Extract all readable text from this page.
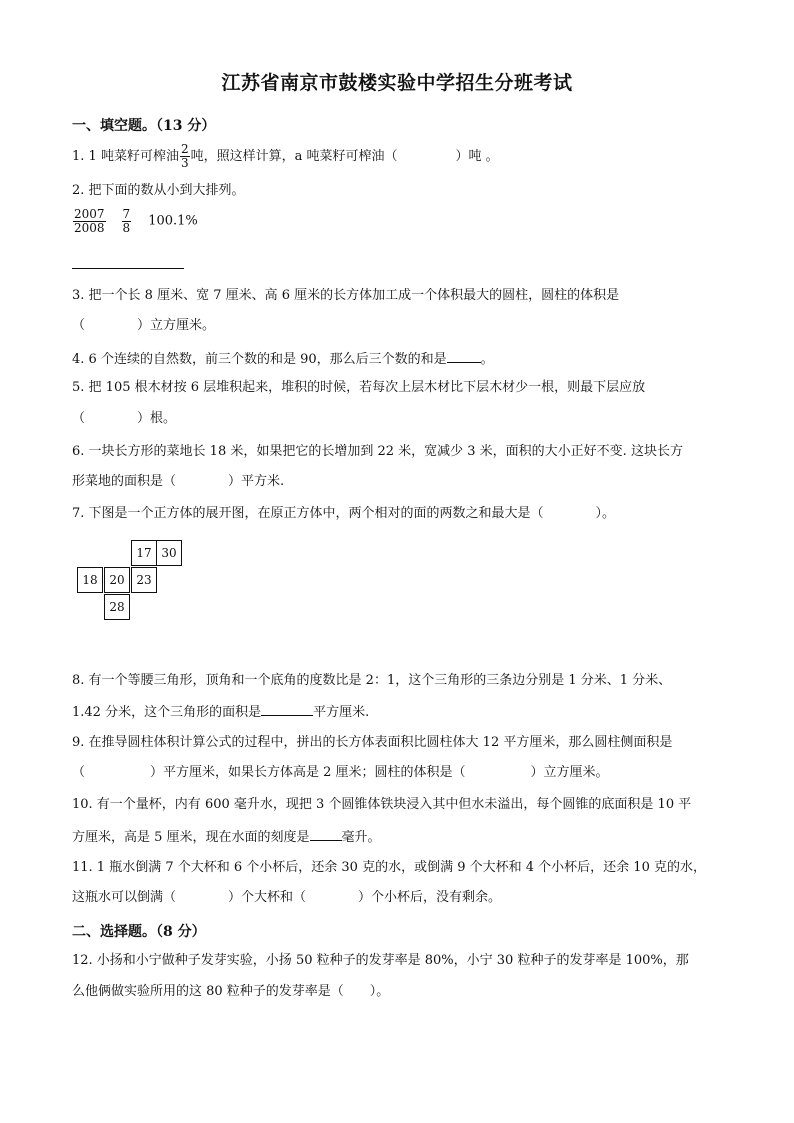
江苏省南京市鼓楼实验中学招生分班考试
一、填空题。（13 分）
1. 1 吨菜籽可榨油 $\frac{2}{3}$ 吨，照这样计算，a 吨菜籽可榨油（	）吨 。
2. 把下面的数从小到大排列。
$\frac{2007}{2008} \frac{7}{8} 100.1\%$
3. 把一个长 8 厘米、宽 7 厘米、高 6 厘米的长方体加工成一个体积最大的圆柱，圆柱的体积是
（　　　　）立方厘米。
4. 6 个连续的自然数，前三个数的和是 90，那么后三个数的和是	。
5. 把 105 根木材按 6 层堆积起来，堆积的时候，若每次上层木材比下层木材少一根，则最下层应放
（　　　　）根。
6. 一块长方形的菜地长 18 米，如果把它的长增加到 22 米，宽减少 3 米，面积的大小正好不变. 这块长方
形菜地的面积是（　　　　）平方米.
7. 下图是一个正方体的展开图，在原正方体中，两个相对的面的两数之和最大是（　　　　）。
17 30
18 20 23
28
8. 有一个等腰三角形，顶角和一个底角的度数比是 2：1，这个三角形的三条边分别是 1 分米、1 分米、
1.42 分米，这个三角形的面积是	平方厘米.
9. 在推导圆柱体积计算公式的过程中，拼出的长方体表面积比圆柱体大 12 平方厘米，那么圆柱侧面积是
（　　　　　）平方厘米，如果长方体高是 2 厘米；圆柱的体积是（　　　　　）立方厘米。
10. 有一个量杯，内有 600 毫升水，现把 3 个圆锥体铁块浸入其中但水未溢出，每个圆锥的底面积是 10 平
方厘米，高是 5 厘米，现在水面的刻度是 毫升。
11. 1 瓶水倒满 7 个大杯和 6 个小杯后，还余 30 克的水，或倒满 9 个大杯和 4 个小杯后，还余 10 克的水，
这瓶水可以倒满（　　　　）个大杯和（　　　　）个小杯后，没有剩余。
二、选择题。（8 分）
12. 小扬和小宁做种子发芽实验，小扬 50 粒种子的发芽率是 80%，小宁 30 粒种子的发芽率是 100%，那
么他俩做实验所用的这 80 粒种子的发芽率是（　　）。
